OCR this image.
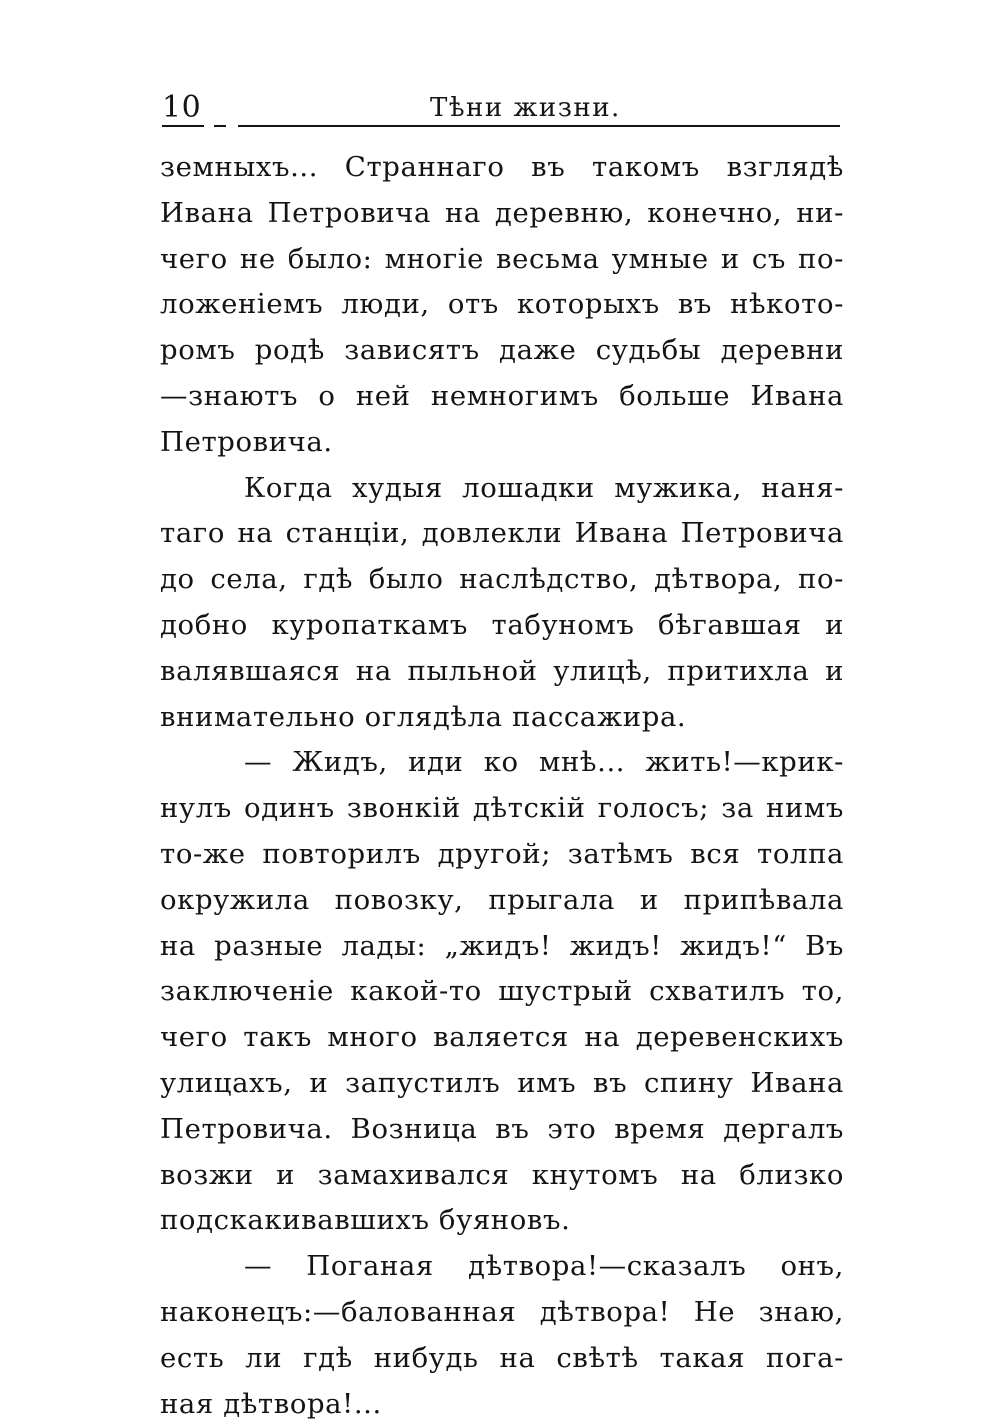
10	Тѣни жизни.
земныхъ... Страннаго въ такомъ взглядѣ
Ивана Петровича на деревню, конечно, ни-
чего не было: многіе весьма умные и съ по-
ложеніемъ люди, отъ которыхъ въ нѣкото-
ромъ родѣ зависятъ даже судьбы деревни
—знаютъ о ней немногимъ больше Ивана
Петровича.
Когда худыя лошадки мужика, наня-
таго на станціи, довлекли Ивана Петровича
до села, гдѣ было наслѣдство, дѣтвора, по-
добно куропаткамъ табуномъ бѣгавшая и
валявшаяся на пыльной улицѣ, притихла и
внимательно оглядѣла пассажира.
— Жидъ, иди ко мнѣ... жить!—крик-
нулъ одинъ звонкій дѣтскій голосъ; за нимъ
то-же повторилъ другой; затѣмъ вся толпа
окружила повозку, прыгала и припѣвала
на разные лады: „жидъ! жидъ! жидъ!“ Въ
заключеніе какой-то шустрый схватилъ то,
чего такъ много валяется на деревенскихъ
улицахъ, и запустилъ имъ въ спину Ивана
Петровича. Возница въ это время дергалъ
возжи и замахивался кнутомъ на близко
подскакивавшихъ буяновъ.
— Поганая дѣтвора!—сказалъ онъ,
наконецъ:—балованная дѣтвора! Не знаю,
есть ли гдѣ нибудь на свѣтѣ такая пога-
ная дѣтвора!...
